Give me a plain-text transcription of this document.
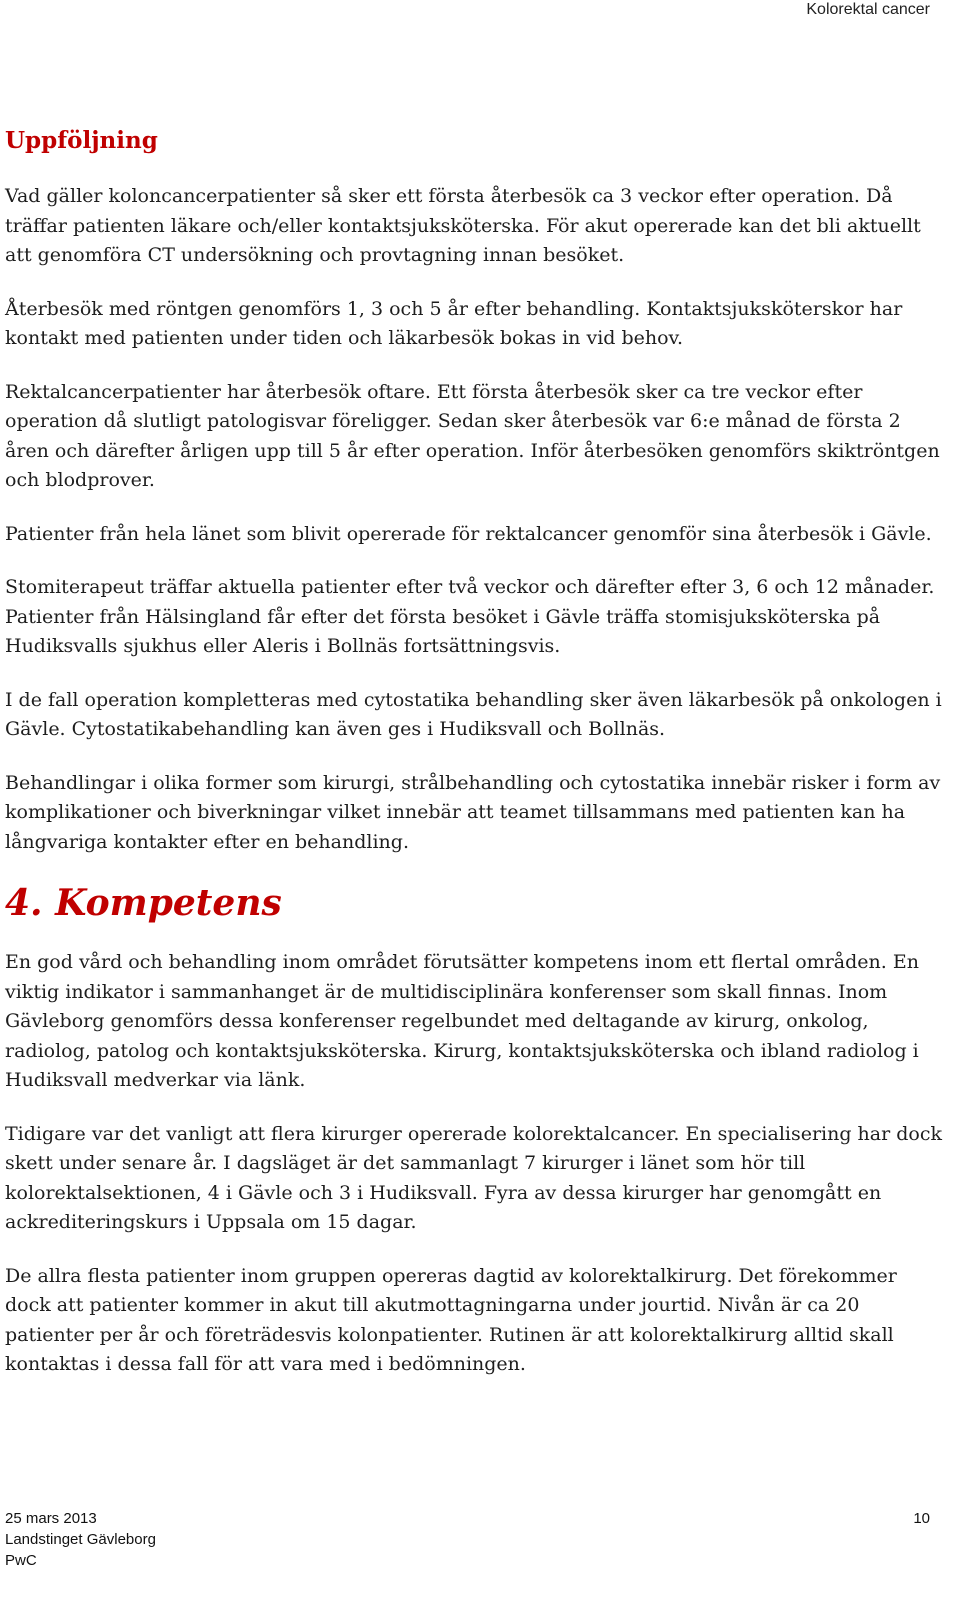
Kolorektal cancer
Uppföljning

Vad gäller koloncancerpatienter så sker ett första återbesök ca 3 veckor efter operation. Då träffar patienten läkare och/eller kontaktsjuksköterska. För akut opererade kan det bli aktuellt att genomföra CT undersökning och provtagning innan besöket.

Återbesök med röntgen genomförs 1, 3 och 5 år efter behandling. Kontaktsjuksköterskor har kontakt med patienten under tiden och läkarbesök bokas in vid behov.

Rektalcancerpatienter har återbesök oftare. Ett första återbesök sker ca tre veckor efter operation då slutligt patologisvar föreligger. Sedan sker återbesök var 6:e månad de första 2 åren och därefter årligen upp till 5 år efter operation. Inför återbesöken genomförs skiktröntgen och blodprover.

Patienter från hela länet som blivit opererade för rektalcancer genomför sina återbesök i Gävle.

Stomiterapeut träffar aktuella patienter efter två veckor och därefter efter 3, 6 och 12 månader. Patienter från Hälsingland får efter det första besöket i Gävle träffa stomisjuksköterska på Hudiksvalls sjukhus eller Aleris i Bollnäs fortsättningsvis.

I de fall operation kompletteras med cytostatika behandling sker även läkarbesök på onkologen i Gävle. Cytostatikabehandling kan även ges i Hudiksvall och Bollnäs.

Behandlingar i olika former som kirurgi, strålbehandling och cytostatika innebär risker i form av komplikationer och biverkningar vilket innebär att teamet tillsammans med patienten kan ha långvariga kontakter efter en behandling.

4. Kompetens

En god vård och behandling inom området förutsätter kompetens inom ett flertal områden. En viktig indikator i sammanhanget är de multidisciplinära konferenser som skall finnas. Inom Gävleborg genomförs dessa konferenser regelbundet med deltagande av kirurg, onkolog, radiolog, patolog och kontaktsjuksköterska. Kirurg, kontaktsjuksköterska och ibland radiolog i Hudiksvall medverkar via länk.

Tidigare var det vanligt att flera kirurger opererade kolorektalcancer. En specialisering har dock skett under senare år. I dagsläget är det sammanlagt 7 kirurger i länet som hör till kolorektalsektionen, 4 i Gävle och 3 i Hudiksvall. Fyra av dessa kirurger har genomgått en ackrediteringskurs i Uppsala om 15 dagar.

De allra flesta patienter inom gruppen opereras dagtid av kolorektalkirurg. Det förekommer dock att patienter kommer in akut till akutmottagningarna under jourtid. Nivån är ca 20 patienter per år och företrädesvis kolonpatienter. Rutinen är att kolorektalkirurg alltid skall kontaktas i dessa fall för att vara med i bedömningen.

25 mars 2013
Landstinget Gävleborg
PwC
10
